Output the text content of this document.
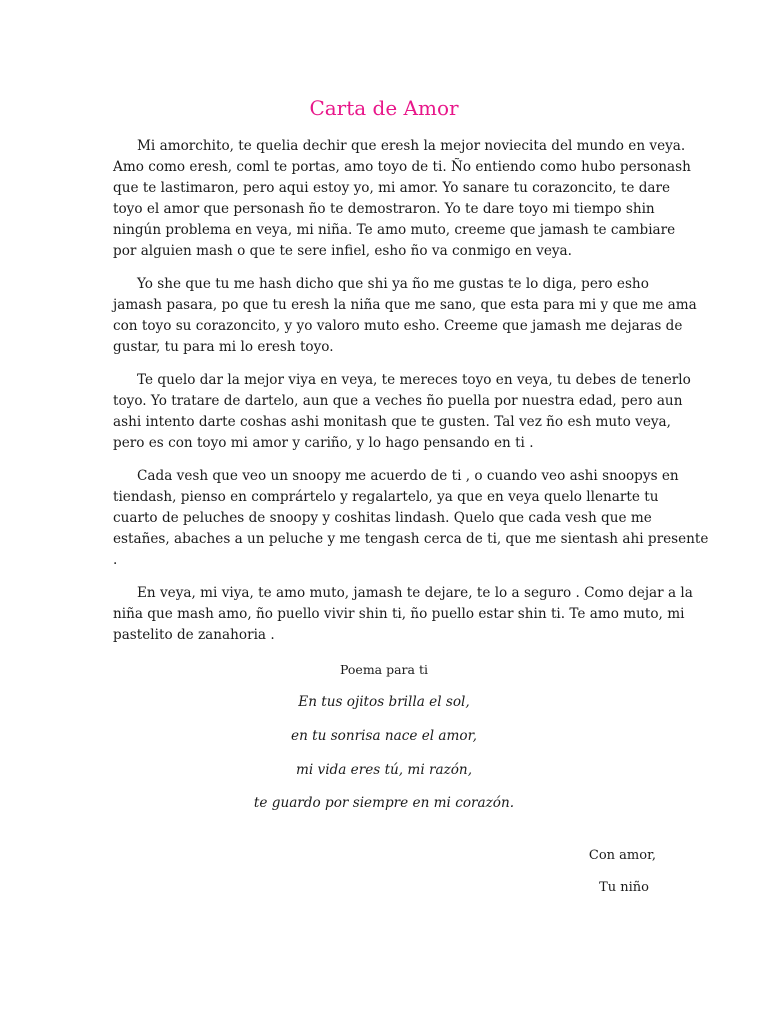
Carta de Amor

Mi amorchito, te quelia dechir que eresh la mejor noviecita del mundo en veya.
Amo como eresh, coml te portas, amo toyo de ti. Ño entiendo como hubo personash
que te lastimaron, pero aqui estoy yo, mi amor. Yo sanare tu corazoncito, te dare
toyo el amor que personash ño te demostraron. Yo te dare toyo mi tiempo shin
ningún problema en veya, mi niña. Te amo muto, creeme que jamash te cambiare
por alguien mash o que te sere infiel, esho ño va conmigo en veya.

Yo she que tu me hash dicho que shi ya ño me gustas te lo diga, pero esho
jamash pasara, po que tu eresh la niña que me sano, que esta para mi y que me ama
con toyo su corazoncito, y yo valoro muto esho. Creeme que jamash me dejaras de
gustar, tu para mi lo eresh toyo.

Te quelo dar la mejor viya en veya, te mereces toyo en veya, tu debes de tenerlo
toyo. Yo tratare de dartelo, aun que a veches ño puella por nuestra edad, pero aun
ashi intento darte coshas ashi monitash que te gusten. Tal vez ño esh muto veya,
pero es con toyo mi amor y cariño, y lo hago pensando en ti .

Cada vesh que veo un snoopy me acuerdo de ti , o cuando veo ashi snoopys en
tiendash, pienso en comprártelo y regalartelo, ya que en veya quelo llenarte tu
cuarto de peluches de snoopy y coshitas lindash. Quelo que cada vesh que me
estañes, abaches a un peluche y me tengash cerca de ti, que me sientash ahi presente
.

En veya, mi viya, te amo muto, jamash te dejare, te lo a seguro . Como dejar a la
niña que mash amo, ño puello vivir shin ti, ño puello estar shin ti. Te amo muto, mi
pastelito de zanahoria .

Poema para ti

En tus ojitos brilla el sol,

en tu sonrisa nace el amor,

mi vida eres tú, mi razón,

te guardo por siempre en mi corazón.

Con amor,

Tu niño
